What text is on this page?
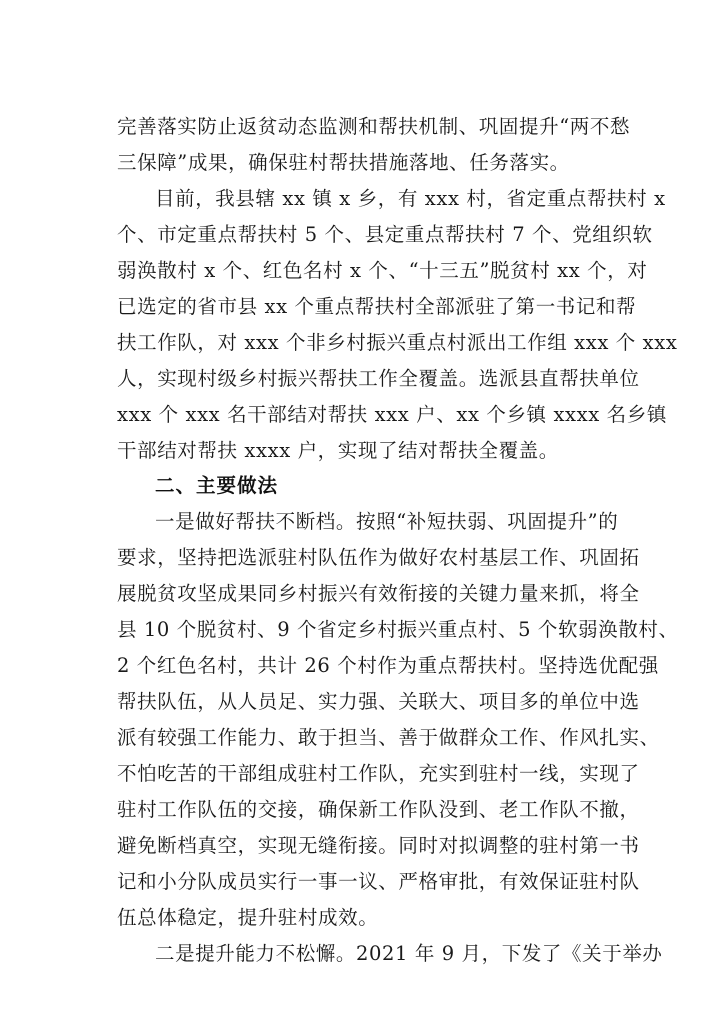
完善落实防止返贫动态监测和帮扶机制、巩固提升“两不愁
三保障”成果，确保驻村帮扶措施落地、任务落实。
目前，我县辖 xx 镇 x 乡，有 xxx 村，省定重点帮扶村 x
个、市定重点帮扶村 5 个、县定重点帮扶村 7 个、党组织软
弱涣散村 x 个、红色名村 x 个、“十三五”脱贫村 xx 个，对
已选定的省市县 xx 个重点帮扶村全部派驻了第一书记和帮
扶工作队，对 xxx 个非乡村振兴重点村派出工作组 xxx 个 xxx
人，实现村级乡村振兴帮扶工作全覆盖。选派县直帮扶单位
xxx 个 xxx 名干部结对帮扶 xxx 户、xx 个乡镇 xxxx 名乡镇
干部结对帮扶 xxxx 户，实现了结对帮扶全覆盖。
二、主要做法
一是做好帮扶不断档。按照“补短扶弱、巩固提升”的
要求，坚持把选派驻村队伍作为做好农村基层工作、巩固拓
展脱贫攻坚成果同乡村振兴有效衔接的关键力量来抓，将全
县 10 个脱贫村、9 个省定乡村振兴重点村、5 个软弱涣散村、
2 个红色名村，共计 26 个村作为重点帮扶村。坚持选优配强
帮扶队伍，从人员足、实力强、关联大、项目多的单位中选
派有较强工作能力、敢于担当、善于做群众工作、作风扎实、
不怕吃苦的干部组成驻村工作队，充实到驻村一线，实现了
驻村工作队伍的交接，确保新工作队没到、老工作队不撤，
避免断档真空，实现无缝衔接。同时对拟调整的驻村第一书
记和小分队成员实行一事一议、严格审批，有效保证驻村队
伍总体稳定，提升驻村成效。
二是提升能力不松懈。2021 年 9 月，下发了《关于举办
